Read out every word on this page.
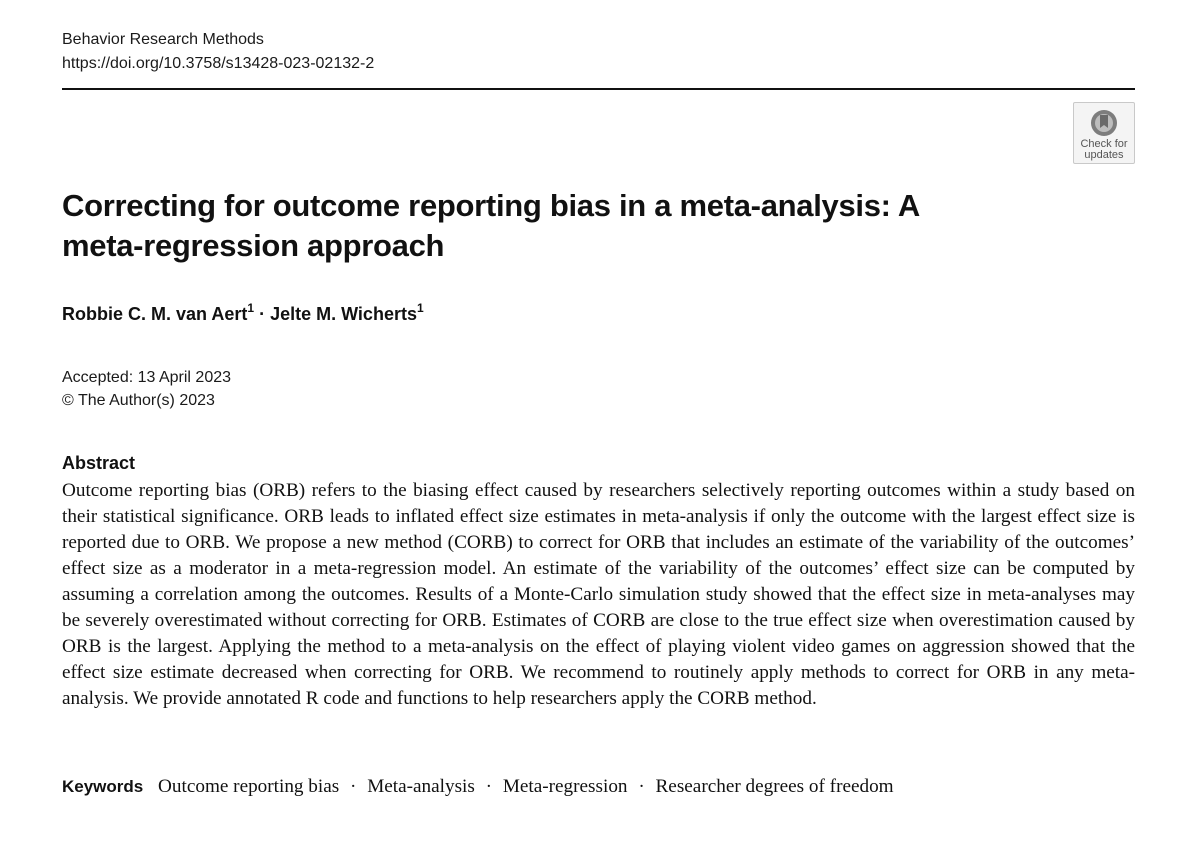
Behavior Research Methods
https://doi.org/10.3758/s13428-023-02132-2
Check for
updates
Correcting for outcome reporting bias in a meta-analysis: A meta-regression approach
Robbie C. M. van Aert$^1$ · Jelte M. Wicherts$^1$
Accepted: 13 April 2023
© The Author(s) 2023
Abstract

Outcome reporting bias (ORB) refers to the biasing effect caused by researchers selectively reporting outcomes within a study based on their statistical significance. ORB leads to inflated effect size estimates in meta-analysis if only the outcome with the largest effect size is reported due to ORB. We propose a new method (CORB) to correct for ORB that includes an estimate of the variability of the outcomes’ effect size as a moderator in a meta-regression model. An estimate of the variability of the outcomes’ effect size can be computed by assuming a correlation among the outcomes. Results of a Monte-Carlo simulation study showed that the effect size in meta-analyses may be severely overestimated without correcting for ORB. Estimates of CORB are close to the true effect size when overestimation caused by ORB is the largest. Applying the method to a meta-analysis on the effect of playing violent video games on aggression showed that the effect size estimate decreased when correcting for ORB. We recommend to routinely apply methods to correct for ORB in any meta-analysis. We provide annotated R code and functions to help researchers apply the CORB method.

Keywords Outcome reporting bias · Meta-analysis · Meta-regression · Researcher degrees of freedom
